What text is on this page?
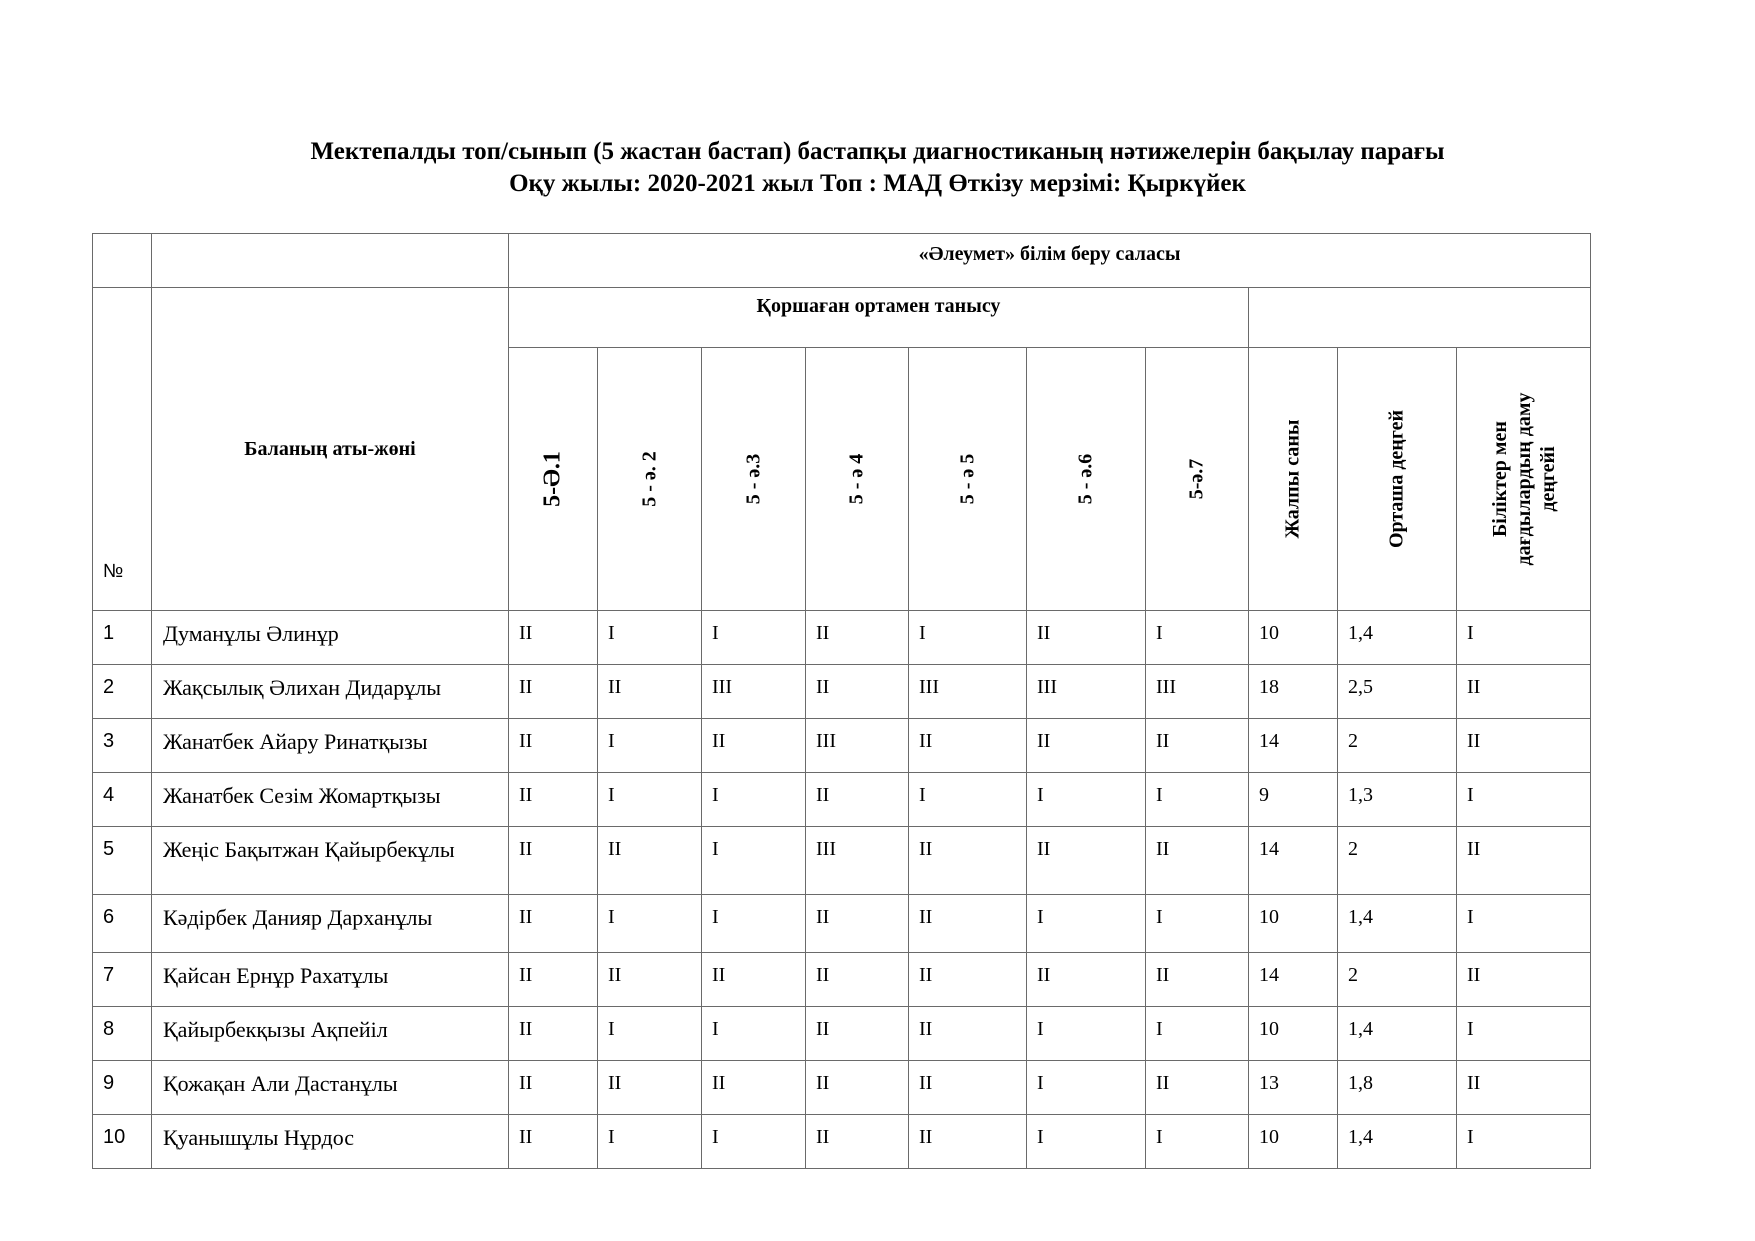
Мектепалды топ/сынып (5 жастан бастап) бастапқы диагностиканың нәтижелерін бақылау парағы
Оқу жылы: 2020-2021 жыл Топ : МАД Өткізу мерзімі: Қыркүйек
		«Әлеумет» білім беру саласы									
№	Баланың аты-жөні	Қоршаған ортамен танысу									

		5-Ә.1	5 - ә. 2	5 - ә.3	5 - ә 4	5 - ә 5	5 - ә.6	5-ә.7	Жалпы саны	Орташа деңгей	Біліктер мен дағдылардың даму деңгейі

1	Думанұлы Әлинұр	II	I	I	II	I	II	I	10	1,4	I
2	Жақсылық Әлихан Дидарұлы	II	II	III	II	III	III	III	18	2,5	II
3	Жанатбек Айару Ринатқызы	II	I	II	III	II	II	II	14	2	II
4	Жанатбек Сезім Жомартқызы	II	I	I	II	I	I	I	9	1,3	I
5	Жеңіс Бақытжан Қайырбекұлы	II	II	I	III	II	II	II	14	2	II
6	Кәдірбек Данияр Дарханұлы	II	I	I	II	II	I	I	10	1,4	I
7	Қайсан Ернұр Рахатұлы	II	II	II	II	II	II	II	14	2	II
8	Қайырбекқызы Ақпейіл	II	I	I	II	II	I	I	10	1,4	I
9	Қожақан Али Дастанұлы	II	II	II	II	II	I	II	13	1,8	II
10	Қуанышұлы Нұрдос	II	I	I	II	II	I	I	10	1,4	I
